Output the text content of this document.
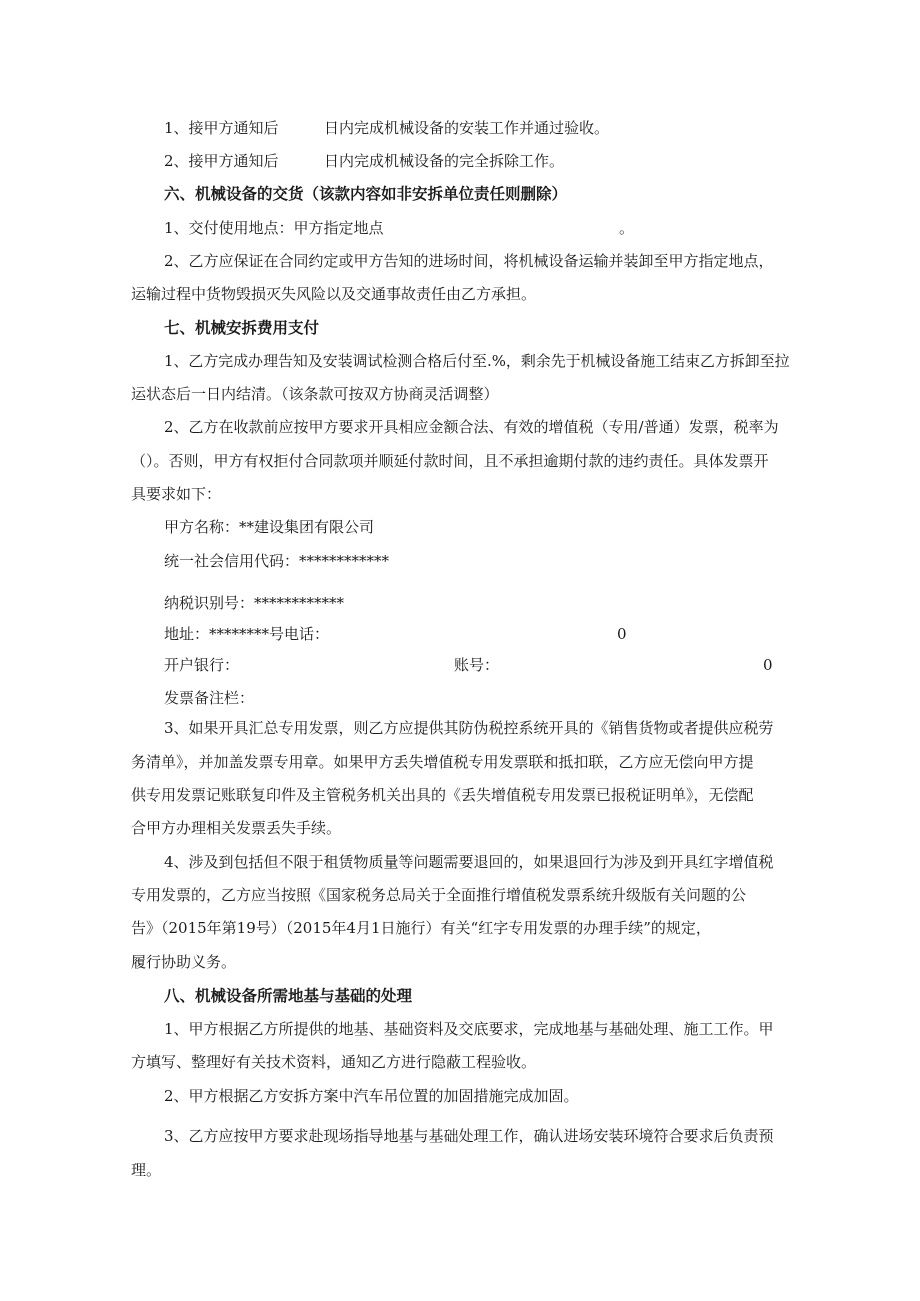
1、接甲方通知后	日内完成机械设备的安装工作并通过验收。
2、接甲方通知后	日内完成机械设备的完全拆除工作。
六、机械设备的交货（该款内容如非安拆单位责任则删除）
1、交付使用地点：甲方指定地点	。
2、乙方应保证在合同约定或甲方告知的进场时间，将机械设备运输并装卸至甲方指定地点，
运输过程中货物毁损灭失风险以及交通事故责任由乙方承担。
七、机械安拆费用支付
1、乙方完成办理告知及安装调试检测合格后付至.%，剩余先于机械设备施工结束乙方拆卸至拉
运状态后一日内结清。（该条款可按双方协商灵活调整）
2、乙方在收款前应按甲方要求开具相应金额合法、有效的增值税（专用/普通）发票，税率为
（）。否则，甲方有权拒付合同款项并顺延付款时间，且不承担逾期付款的违约责任。具体发票开
具要求如下：
甲方名称：**建设集团有限公司
统一社会信用代码：************
纳税识别号：************
地址：********号电话：	0
开户银行：	账号：	0
发票备注栏：
3、如果开具汇总专用发票，则乙方应提供其防伪税控系统开具的《销售货物或者提供应税劳
务清单》，并加盖发票专用章。如果甲方丢失增值税专用发票联和抵扣联，乙方应无偿向甲方提
供专用发票记账联复印件及主管税务机关出具的《丢失增值税专用发票已报税证明单》，无偿配
合甲方办理相关发票丢失手续。
4、涉及到包括但不限于租赁物质量等问题需要退回的，如果退回行为涉及到开具红字增值税
专用发票的，乙方应当按照《国家税务总局关于全面推行增值税发票系统升级版有关问题的公
告》（2015年第19号）（2015年4月1日施行）有关“红字专用发票的办理手续”的规定，
履行协助义务。
八、机械设备所需地基与基础的处理
1、甲方根据乙方所提供的地基、基础资料及交底要求，完成地基与基础处理、施工工作。甲
方填写、整理好有关技术资料，通知乙方进行隐蔽工程验收。
2、甲方根据乙方安拆方案中汽车吊位置的加固措施完成加固。
3、乙方应按甲方要求赴现场指导地基与基础处理工作，确认进场安装环境符合要求后负责预
理。
